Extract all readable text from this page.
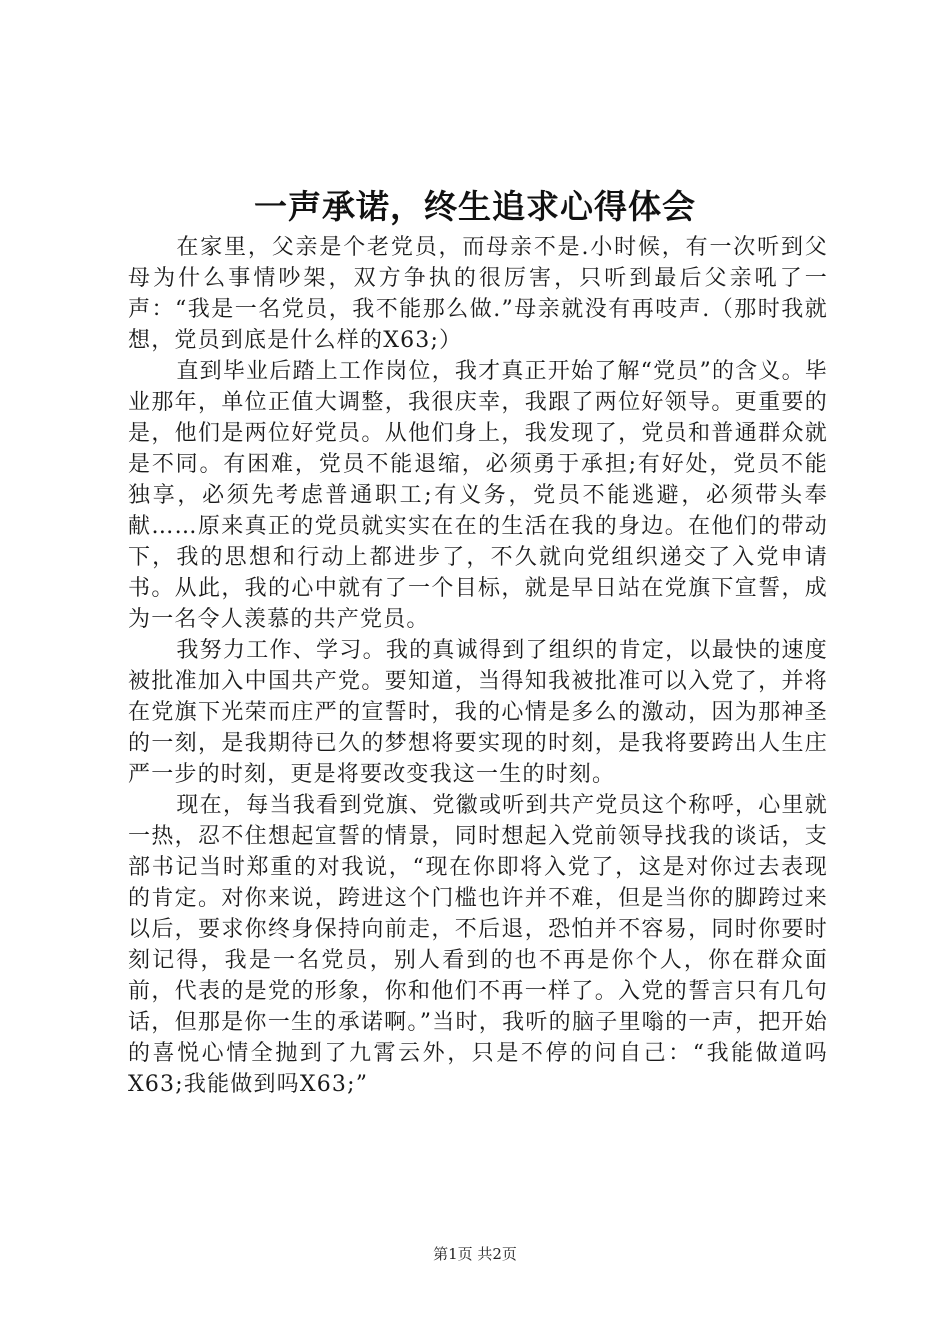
一声承诺，终生追求心得体会

在家里，父亲是个老党员，而母亲不是.小时候，有一次听到父母为什么事情吵架，双方争执的很厉害，只听到最后父亲吼了一声：“我是一名党员，我不能那么做.”母亲就没有再吱声.（那时我就想，党员到底是什么样的X63;）

直到毕业后踏上工作岗位，我才真正开始了解“党员”的含义。毕业那年，单位正值大调整，我很庆幸，我跟了两位好领导。更重要的是，他们是两位好党员。从他们身上，我发现了，党员和普通群众就是不同。有困难，党员不能退缩，必须勇于承担;有好处，党员不能独享，必须先考虑普通职工;有义务，党员不能逃避，必须带头奉献……原来真正的党员就实实在在的生活在我的身边。在他们的带动下，我的思想和行动上都进步了，不久就向党组织递交了入党申请书。从此，我的心中就有了一个目标，就是早日站在党旗下宣誓，成为一名令人羡慕的共产党员。

我努力工作、学习。我的真诚得到了组织的肯定，以最快的速度被批准加入中国共产党。要知道，当得知我被批准可以入党了，并将在党旗下光荣而庄严的宣誓时，我的心情是多么的激动，因为那神圣的一刻，是我期待已久的梦想将要实现的时刻，是我将要跨出人生庄严一步的时刻，更是将要改变我这一生的时刻。

现在，每当我看到党旗、党徽或听到共产党员这个称呼，心里就一热，忍不住想起宣誓的情景，同时想起入党前领导找我的谈话，支部书记当时郑重的对我说，“现在你即将入党了，这是对你过去表现的肯定。对你来说，跨进这个门槛也许并不难，但是当你的脚跨过来以后，要求你终身保持向前走，不后退，恐怕并不容易，同时你要时刻记得，我是一名党员，别人看到的也不再是你个人，你在群众面前，代表的是党的形象，你和他们不再一样了。入党的誓言只有几句话，但那是你一生的承诺啊。”当时，我听的脑子里嗡的一声，把开始的喜悦心情全抛到了九霄云外，只是不停的问自己：“我能做道吗X63;我能做到吗X63;”

第1页 共2页
